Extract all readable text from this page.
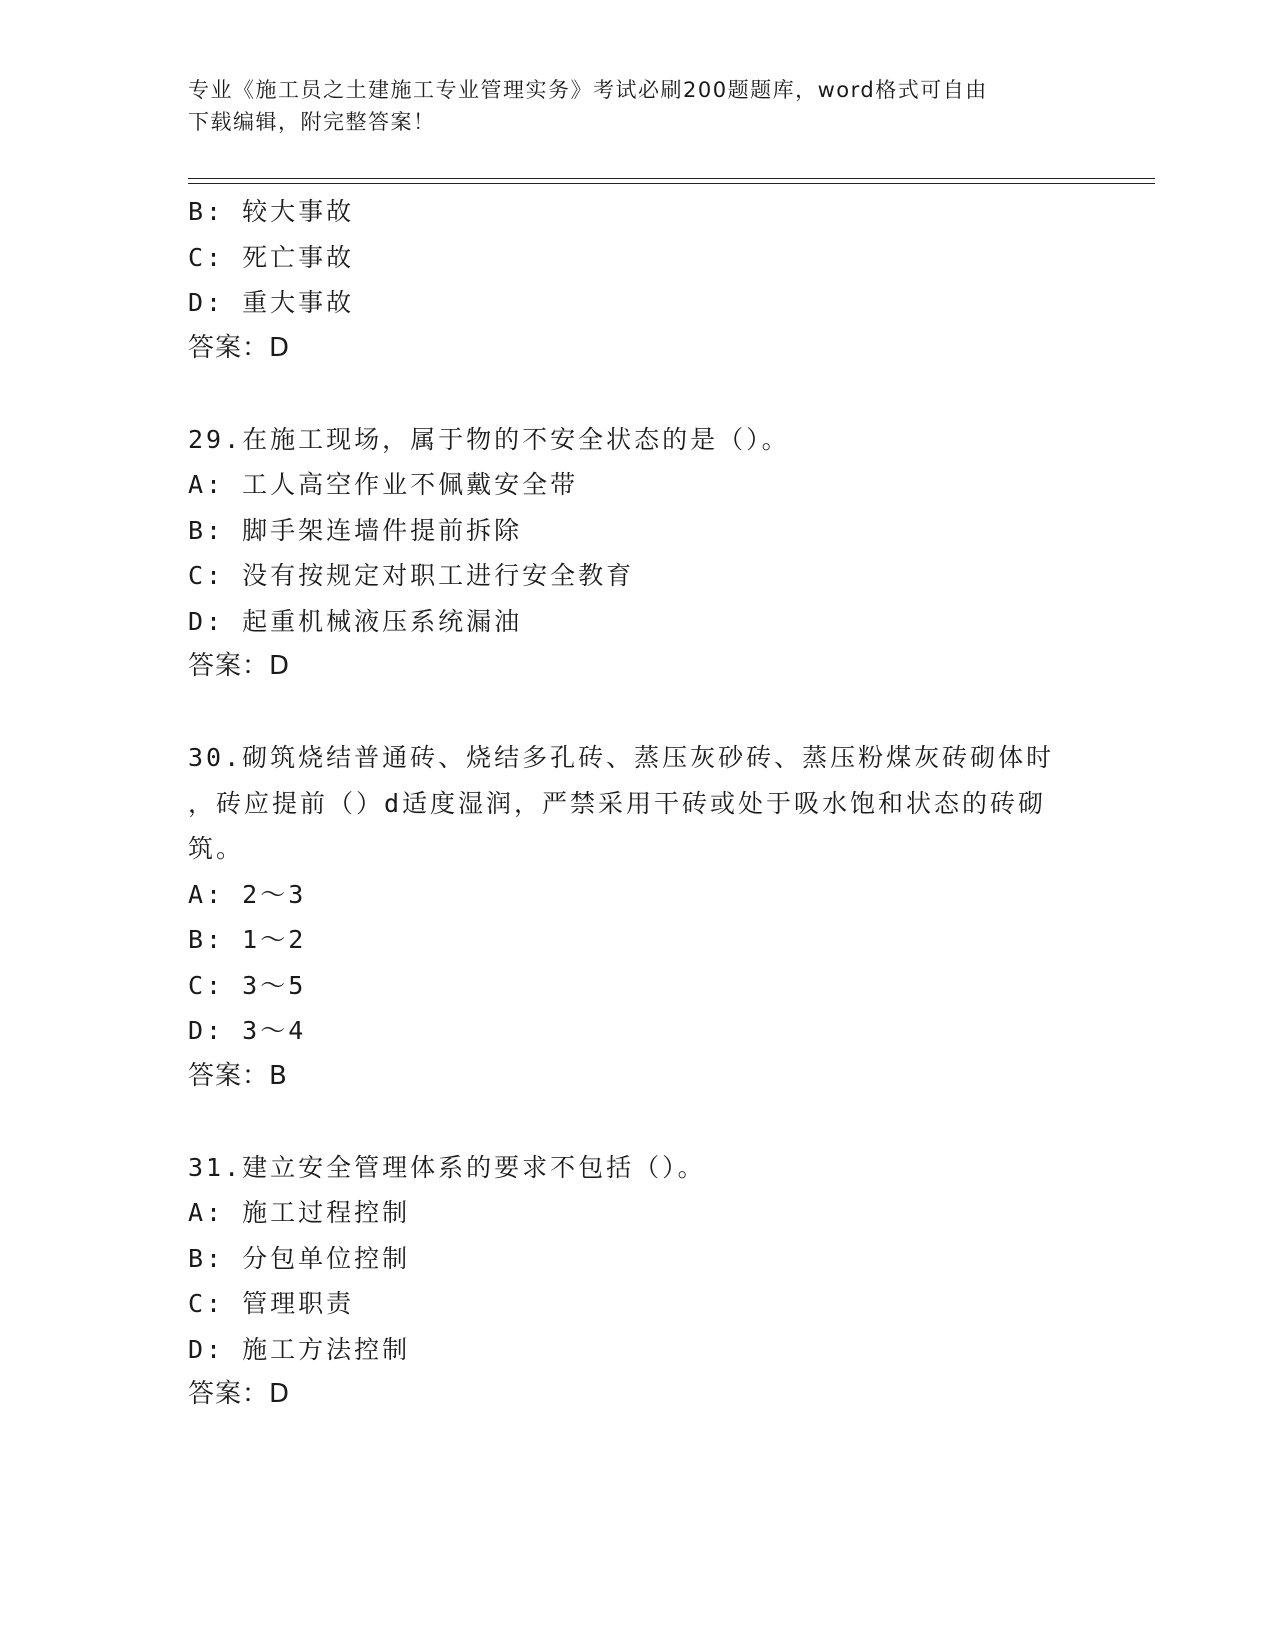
专业《施工员之土建施工专业管理实务》考试必刷200题题库，word格式可自由
下载编辑，附完整答案！
B: 较大事故
C: 死亡事故
D: 重大事故
答案：D
29.在施工现场，属于物的不安全状态的是（）。
A: 工人高空作业不佩戴安全带
B: 脚手架连墙件提前拆除
C: 没有按规定对职工进行安全教育
D: 起重机械液压系统漏油
答案：D
30.砌筑烧结普通砖、烧结多孔砖、蒸压灰砂砖、蒸压粉煤灰砖砌体时
，砖应提前（）d适度湿润，严禁采用干砖或处于吸水饱和状态的砖砌
筑。
A: 2～3
B: 1～2
C: 3～5
D: 3～4
答案：B
31.建立安全管理体系的要求不包括（）。
A: 施工过程控制
B: 分包单位控制
C: 管理职责
D: 施工方法控制
答案：D
